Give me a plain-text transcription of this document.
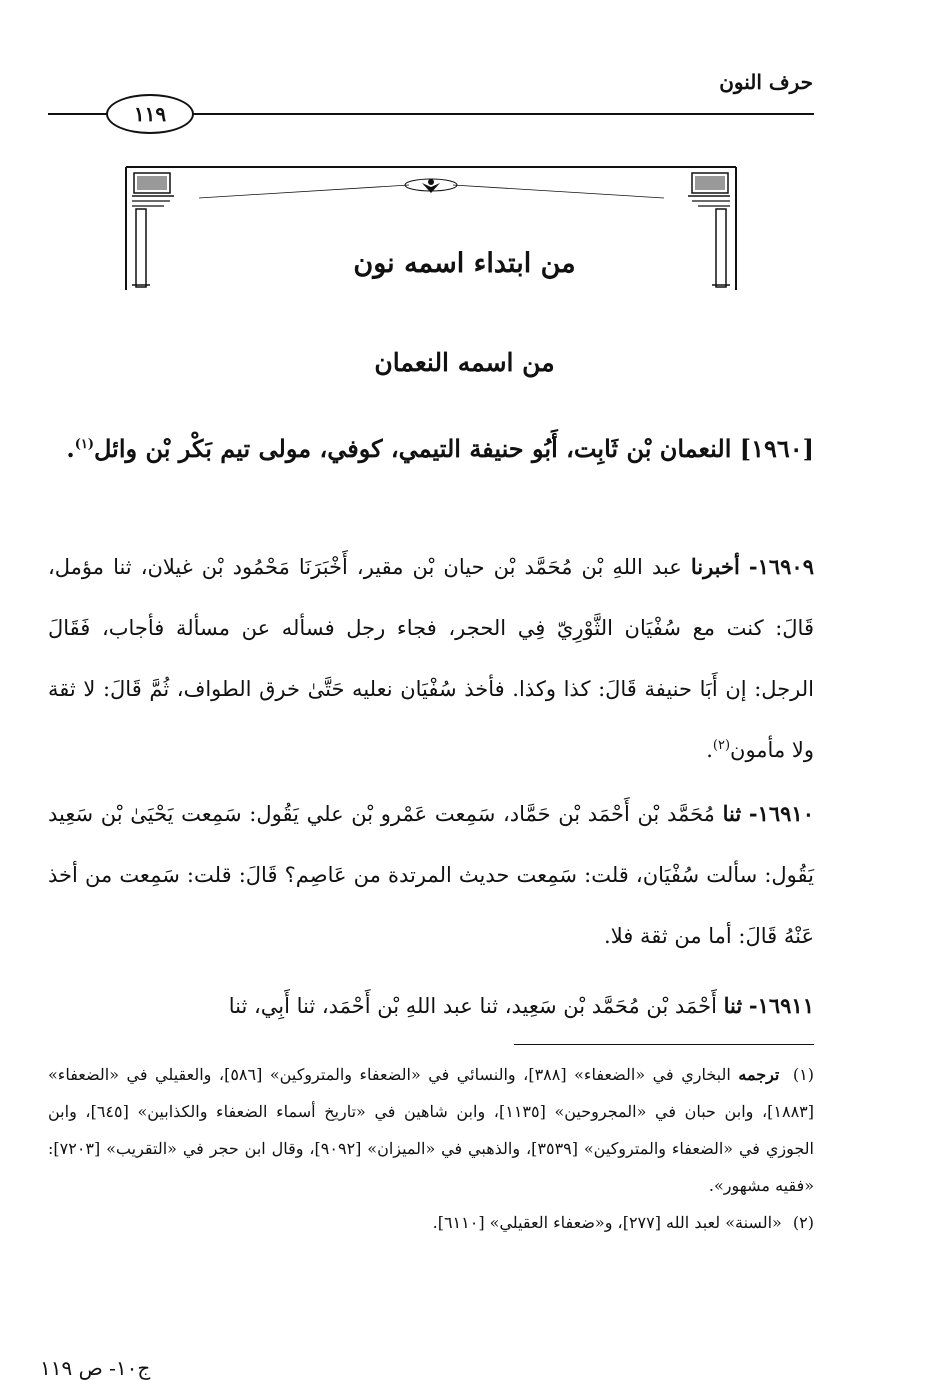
حرف النون
١١٩
من ابتداء اسمه نون
من اسمه النعمان
[١٩٦٠] النعمان بْن ثَابِت، أَبُو حنيفة التيمي، كوفي، مولى تيم بَكْر بْن وائل$^{(١)}$.
١٦٩٠٩- أخبرنا عبد اللهِ بْن مُحَمَّد بْن حيان بْن مقير، أَخْبَرَنَا مَحْمُود بْن غيلان، ثنا مؤمل، قَالَ: كنت مع سُفْيَان الثَّوْرِيّ فِي الحجر، فجاء رجل فسأله عن مسألة فأجاب، فَقَالَ الرجل: إن أَبَا حنيفة قَالَ: كذا وكذا. فأخذ سُفْيَان نعليه حَتَّىٰ خرق الطواف، ثُمَّ قَالَ: لا ثقة ولا مأمون$^{(٢)}$.
١٦٩١٠- ثنا مُحَمَّد بْن أَحْمَد بْن حَمَّاد، سَمِعت عَمْرو بْن علي يَقُول: سَمِعت يَحْيَىٰ بْن سَعِيد يَقُول: سألت سُفْيَان، قلت: سَمِعت حديث المرتدة من عَاصِم؟ قَالَ: قلت: سَمِعت من أخذ عَنْهُ قَالَ: أما من ثقة فلا.
١٦٩١١- ثنا أَحْمَد بْن مُحَمَّد بْن سَعِيد، ثنا عبد اللهِ بْن أَحْمَد، ثنا أَبِي، ثنا

(١) ترجمه البخاري في «الضعفاء» [٣٨٨]، والنسائي في «الضعفاء والمتروكين» [٥٨٦]، والعقيلي في «الضعفاء» [١٨٨٣]، وابن حبان في «المجروحين» [١١٣٥]، وابن شاهين في «تاريخ أسماء الضعفاء والكذابين» [٦٤٥]، وابن الجوزي في «الضعفاء والمتروكين» [٣٥٣٩]، والذهبي في «الميزان» [٩٠٩٢]، وقال ابن حجر في «التقريب» [٧٢٠٣]: «فقيه مشهور».

(٢) «السنة» لعبد الله [٢٧٧]، و«ضعفاء العقيلي» [٦١١٠].

ج١٠- ص ١١٩
